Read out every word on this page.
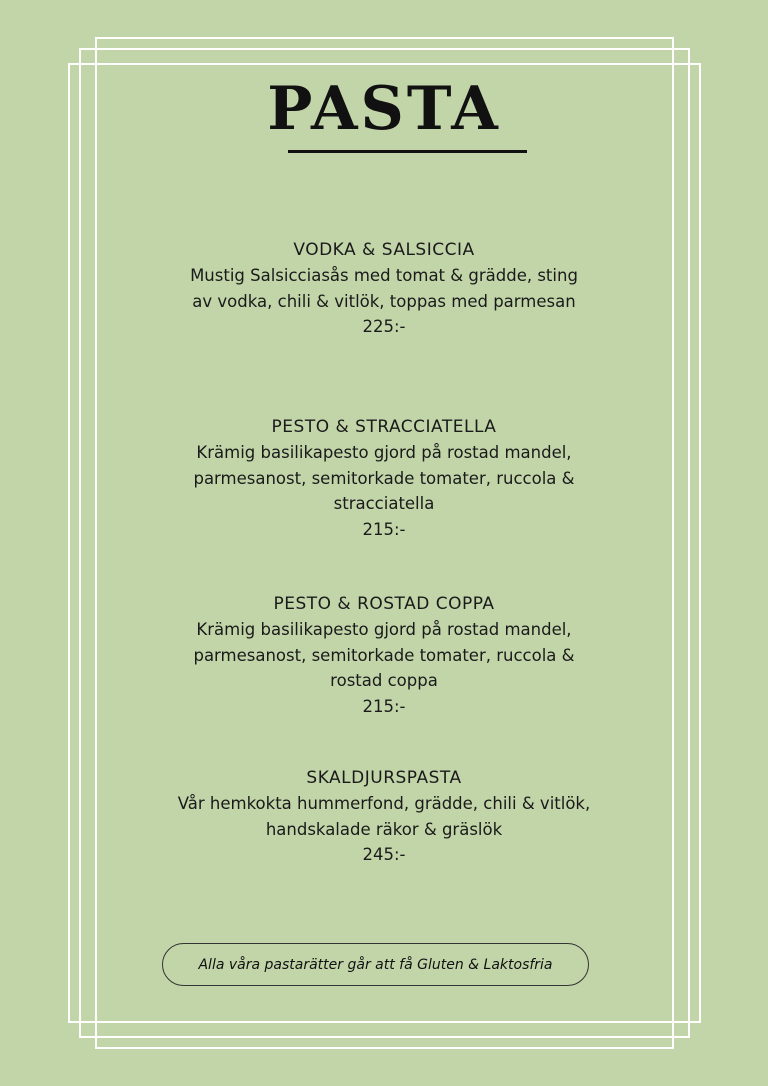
PASTA
VODKA & SALSICCIA

Mustig Salsicciasås med tomat & grädde, sting av vodka, chili & vitlök, toppas med parmesan

225:-

PESTO & STRACCIATELLA

Krämig basilikapesto gjord på rostad mandel, parmesanost, semitorkade tomater, ruccola & stracciatella

215:-

PESTO & ROSTAD COPPA

Krämig basilikapesto gjord på rostad mandel, parmesanost, semitorkade tomater, ruccola & rostad coppa

215:-

SKALDJURSPASTA

Vår hemkokta hummerfond, grädde, chili & vitlök, handskalade räkor & gräslök

245:-

Alla våra pastarätter går att få Gluten & Laktosfria
